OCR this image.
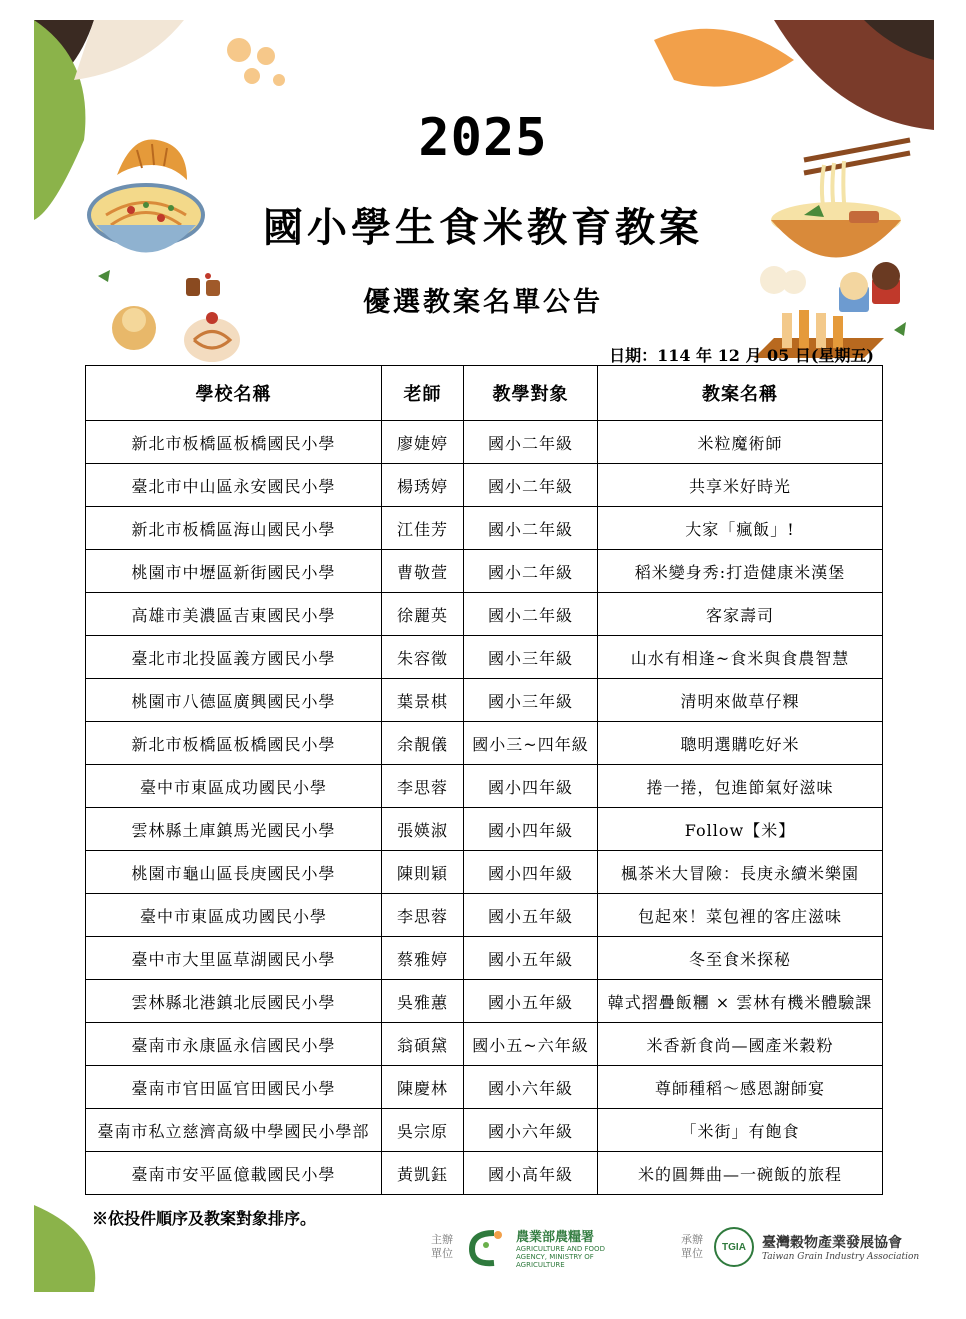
2025
國小學生食米教育教案
優選教案名單公告
日期：114 年 12 月 05 日(星期五)
學校名稱	老師	教學對象	教案名稱
新北市板橋區板橋國民小學	廖婕婷	國小二年級	米粒魔術師
臺北市中山區永安國民小學	楊琇婷	國小二年級	共享米好時光
新北市板橋區海山國民小學	江佳芳	國小二年級	大家「瘋飯」!
桃園市中壢區新街國民小學	曹敬萱	國小二年級	稻米變身秀:打造健康米漢堡
高雄市美濃區吉東國民小學	徐麗英	國小二年級	客家壽司
臺北市北投區義方國民小學	朱容徵	國小三年級	山水有相逢~食米與食農智慧
桃園市八德區廣興國民小學	葉景棋	國小三年級	清明來做草仔粿
新北市板橋區板橋國民小學	余靚儀	國小三~四年級	聰明選購吃好米
臺中市東區成功國民小學	李思蓉	國小四年級	捲一捲，包進節氣好滋味
雲林縣土庫鎮馬光國民小學	張媖淑	國小四年級	Follow【米】
桃園市龜山區長庚國民小學	陳則穎	國小四年級	楓茶米大冒險：長庚永續米樂園
臺中市東區成功國民小學	李思蓉	國小五年級	包起來！菜包裡的客庄滋味
臺中市大里區草湖國民小學	蔡雅婷	國小五年級	冬至食米探秘
雲林縣北港鎮北辰國民小學	吳雅蕙	國小五年級	韓式摺疊飯糰 × 雲林有機米體驗課
臺南市永康區永信國民小學	翁碩黛	國小五~六年級	米香新食尚—國產米穀粉
臺南市官田區官田國民小學	陳慶林	國小六年級	尊師種稻～感恩謝師宴
臺南市私立慈濟高級中學國民小學部	吳宗原	國小六年級	「米街」有飽食
臺南市安平區億載國民小學	黃凱鈺	國小高年級	米的圓舞曲—一碗飯的旅程
※依投件順序及教案對象排序。
主辦單位
農業部農糧署
AGRICULTURE AND FOOD AGENCY, MINISTRY OF AGRICULTURE
承辦單位	TGIA 臺灣穀物產業發展協會
Taiwan Grain Industry Association
